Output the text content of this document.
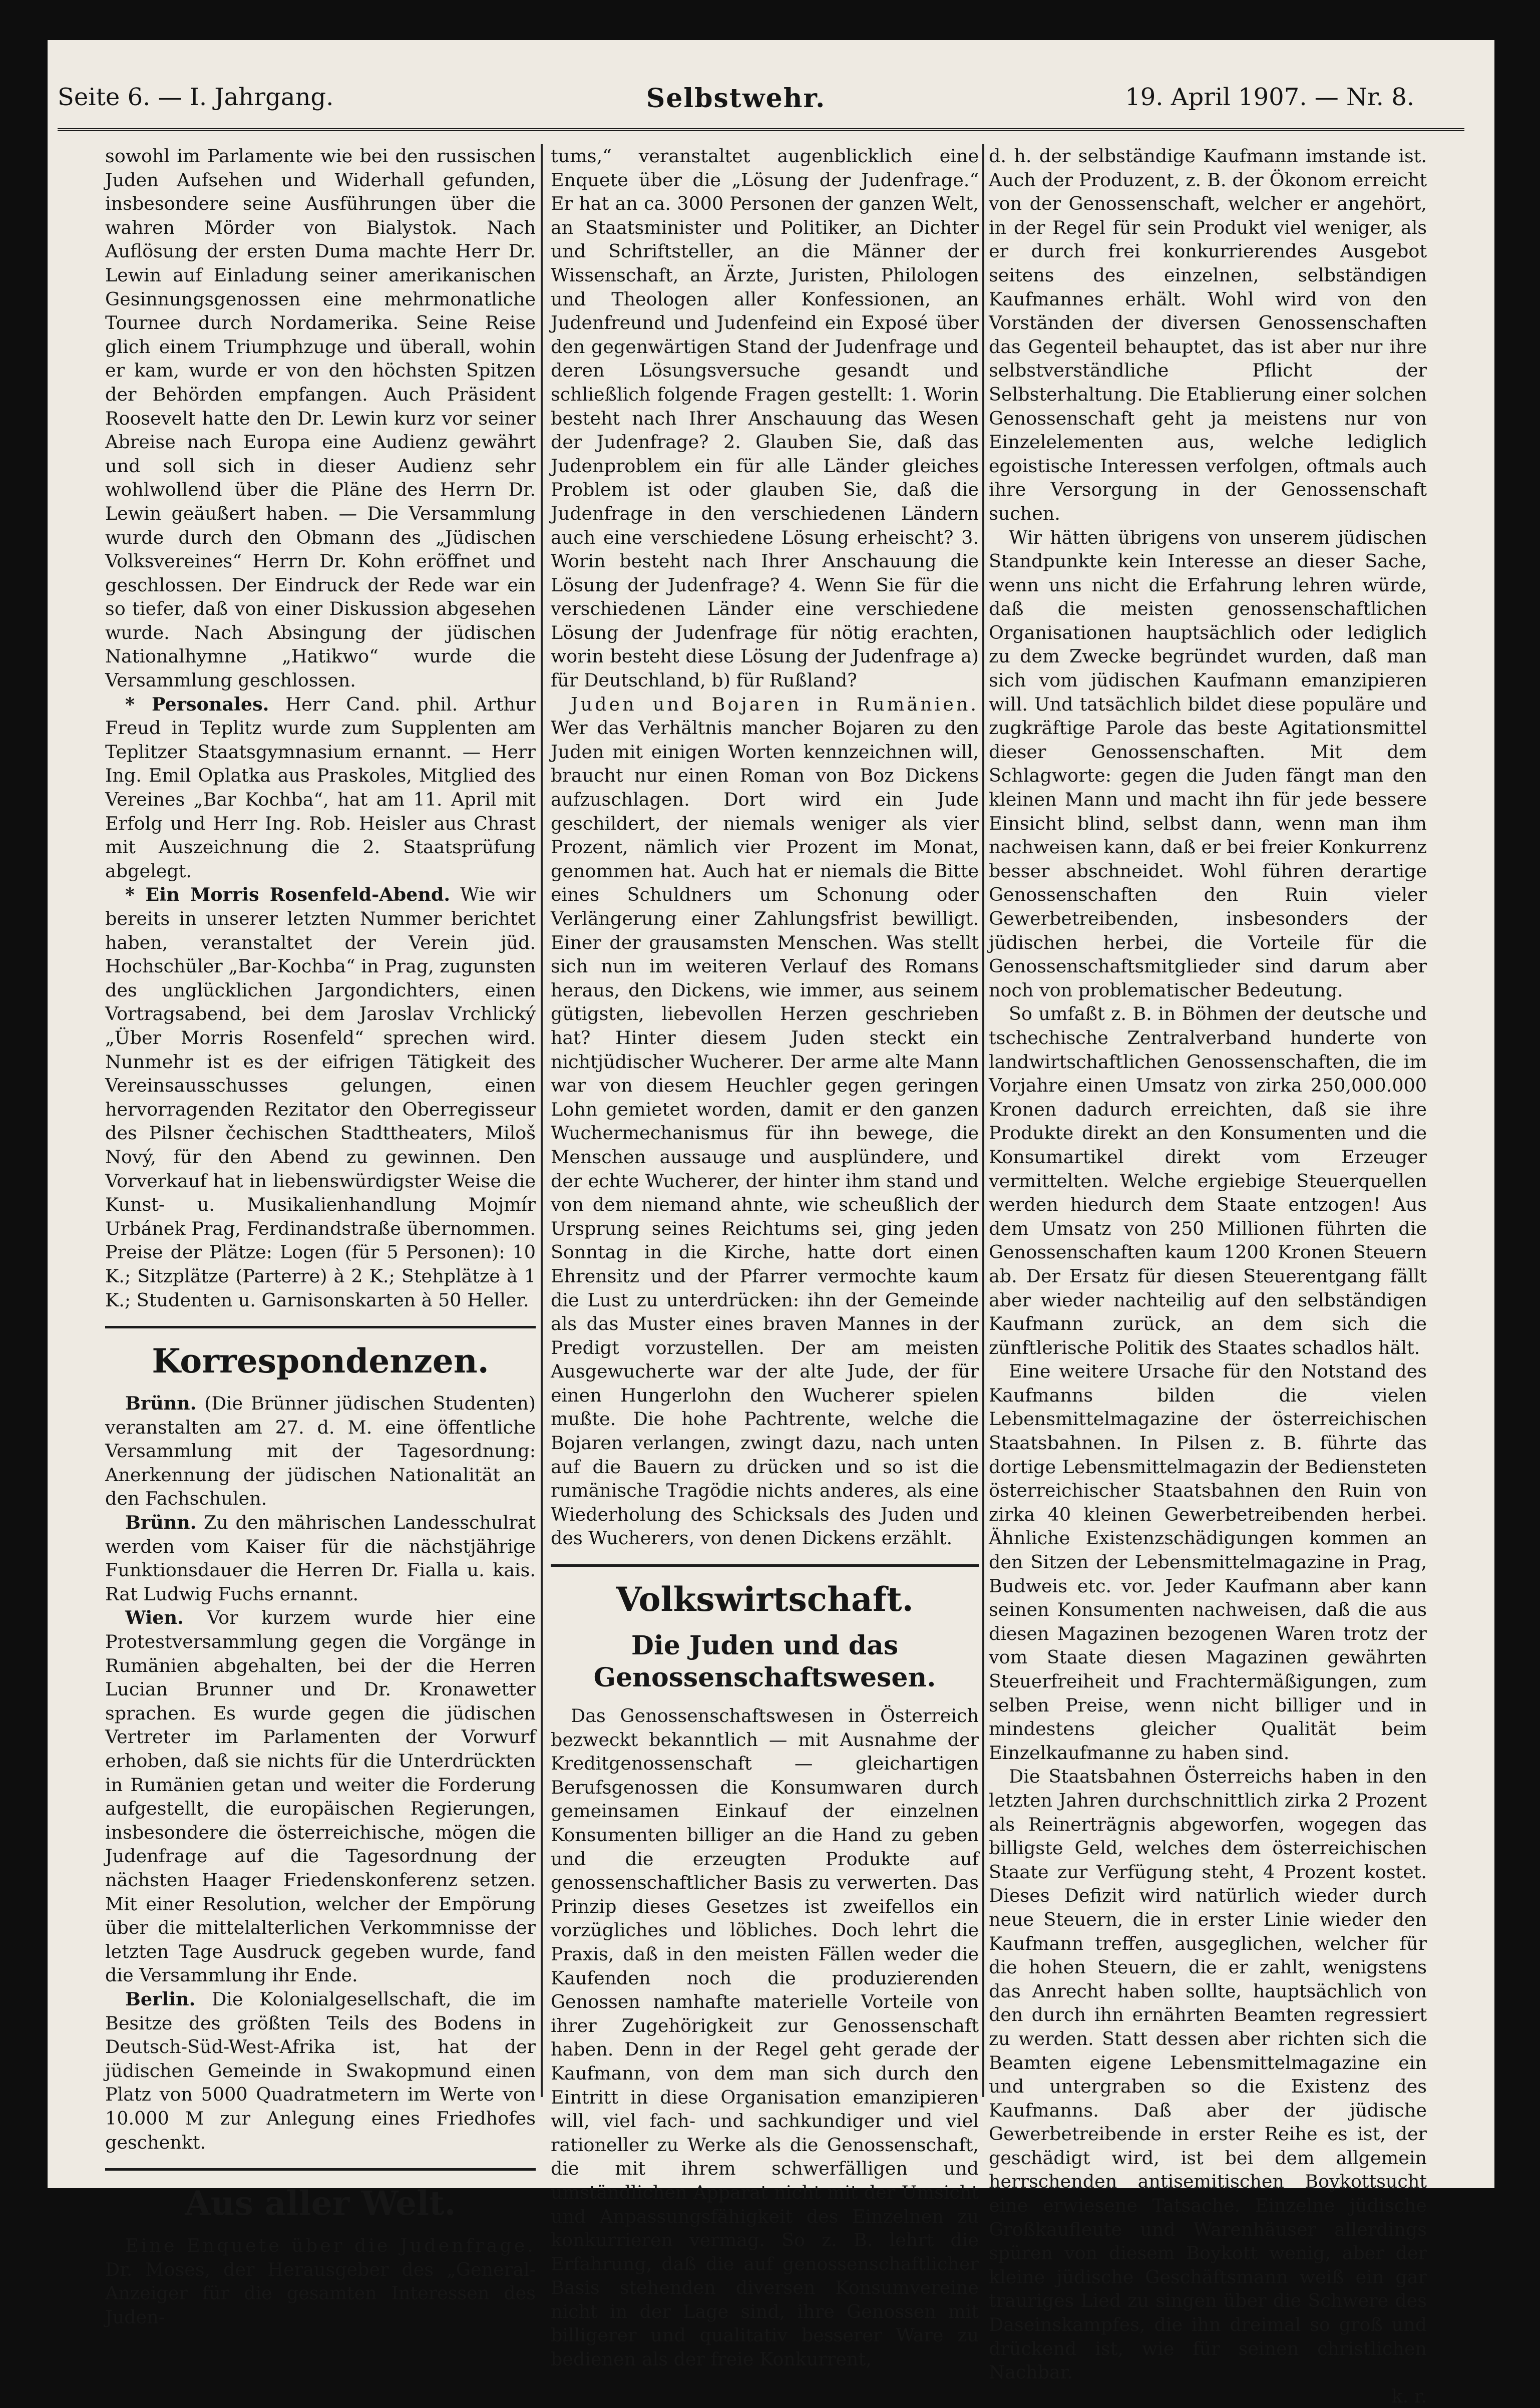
Seite 6. — I. Jahrgang.	Selbstwehr.	19. April 1907. — Nr. 8.

sowohl im Parlamente wie bei den russischen Juden Aufsehen und Widerhall gefunden, insbesondere seine Ausführungen über die wahren Mörder von Bialystok. Nach Auflösung der ersten Duma machte Herr Dr. Lewin auf Einladung seiner amerikanischen Gesinnungsgenossen eine mehrmonatliche Tournee durch Nordamerika. Seine Reise glich einem Triumphzuge und überall, wohin er kam, wurde er von den höchsten Spitzen der Behörden empfangen. Auch Präsident Roosevelt hatte den Dr. Lewin kurz vor seiner Abreise nach Europa eine Audienz gewährt und soll sich in dieser Audienz sehr wohlwollend über die Pläne des Herrn Dr. Lewin geäußert haben. — Die Versammlung wurde durch den Obmann des „Jüdischen Volksvereines“ Herrn Dr. Kohn eröffnet und geschlossen. Der Eindruck der Rede war ein so tiefer, daß von einer Diskussion abgesehen wurde. Nach Absingung der jüdischen Nationalhymne „Hatikwo“ wurde die Versammlung geschlossen.

* Personales. Herr Cand. phil. Arthur Freud in Teplitz wurde zum Supplenten am Teplitzer Staatsgymnasium ernannt. — Herr Ing. Emil Oplatka aus Praskoles, Mitglied des Vereines „Bar Kochba“, hat am 11. April mit Erfolg und Herr Ing. Rob. Heisler aus Chrast mit Auszeichnung die 2. Staatsprüfung abgelegt.

* Ein Morris Rosenfeld-Abend. Wie wir bereits in unserer letzten Nummer berichtet haben, veranstaltet der Verein jüd. Hochschüler „Bar-Kochba“ in Prag, zugunsten des unglücklichen Jargondichters, einen Vortragsabend, bei dem Jaroslav Vrchlický „Über Morris Rosenfeld“ sprechen wird. Nunmehr ist es der eifrigen Tätigkeit des Vereinsausschusses gelungen, einen hervorragenden Rezitator den Oberregisseur des Pilsner čechischen Stadttheaters, Miloš Nový, für den Abend zu gewinnen. Den Vorverkauf hat in liebenswürdigster Weise die Kunst- u. Musikalienhandlung Mojmír Urbánek Prag, Ferdinandstraße übernommen. Preise der Plätze: Logen (für 5 Personen): 10 K.; Sitzplätze (Parterre) à 2 K.; Stehplätze à 1 K.; Studenten u. Garnisonskarten à 50 Heller.

Korrespondenzen.

Brünn. (Die Brünner jüdischen Studenten) veranstalten am 27. d. M. eine öffentliche Versammlung mit der Tagesordnung: Anerkennung der jüdischen Nationalität an den Fachschulen.

Brünn. Zu den mährischen Landesschulrat werden vom Kaiser für die nächstjährige Funktionsdauer die Herren Dr. Fialla u. kais. Rat Ludwig Fuchs ernannt.

Wien. Vor kurzem wurde hier eine Protestversammlung gegen die Vorgänge in Rumänien abgehalten, bei der die Herren Lucian Brunner und Dr. Kronawetter sprachen. Es wurde gegen die jüdischen Vertreter im Parlamenten der Vorwurf erhoben, daß sie nichts für die Unterdrückten in Rumänien getan und weiter die Forderung aufgestellt, die europäischen Regierungen, insbesondere die österreichische, mögen die Judenfrage auf die Tagesordnung der nächsten Haager Friedenskonferenz setzen. Mit einer Resolution, welcher der Empörung über die mittelalterlichen Verkommnisse der letzten Tage Ausdruck gegeben wurde, fand die Versammlung ihr Ende.

Berlin. Die Kolonialgesellschaft, die im Besitze des größten Teils des Bodens in Deutsch-Süd-West-Afrika ist, hat der jüdischen Gemeinde in Swakopmund einen Platz von 5000 Quadratmetern im Werte von 10.000 M zur Anlegung eines Friedhofes geschenkt.

Aus aller Welt.

Eine Enquete über die Judenfrage. Dr. Moses, der Herausgeber des „General-Anzeiger für die gesamten Interessen des Juden-

tums,“ veranstaltet augenblicklich eine Enquete über die „Lösung der Judenfrage.“ Er hat an ca. 3000 Personen der ganzen Welt, an Staatsminister und Politiker, an Dichter und Schriftsteller, an die Männer der Wissenschaft, an Ärzte, Juristen, Philologen und Theologen aller Konfessionen, an Judenfreund und Judenfeind ein Exposé über den gegenwärtigen Stand der Judenfrage und deren Lösungsversuche gesandt und schließlich folgende Fragen gestellt: 1. Worin besteht nach Ihrer Anschauung das Wesen der Judenfrage? 2. Glauben Sie, daß das Judenproblem ein für alle Länder gleiches Problem ist oder glauben Sie, daß die Judenfrage in den verschiedenen Ländern auch eine verschiedene Lösung erheischt? 3. Worin besteht nach Ihrer Anschauung die Lösung der Judenfrage? 4. Wenn Sie für die verschiedenen Länder eine verschiedene Lösung der Judenfrage für nötig erachten, worin besteht diese Lösung der Judenfrage a) für Deutschland, b) für Rußland?

Juden und Bojaren in Rumänien. Wer das Verhältnis mancher Bojaren zu den Juden mit einigen Worten kennzeichnen will, braucht nur einen Roman von Boz Dickens aufzuschlagen. Dort wird ein Jude geschildert, der niemals weniger als vier Prozent, nämlich vier Prozent im Monat, genommen hat. Auch hat er niemals die Bitte eines Schuldners um Schonung oder Verlängerung einer Zahlungsfrist bewilligt. Einer der grausamsten Menschen. Was stellt sich nun im weiteren Verlauf des Romans heraus, den Dickens, wie immer, aus seinem gütigsten, liebevollen Herzen geschrieben hat? Hinter diesem Juden steckt ein nichtjüdischer Wucherer. Der arme alte Mann war von diesem Heuchler gegen geringen Lohn gemietet worden, damit er den ganzen Wuchermechanismus für ihn bewege, die Menschen aussauge und ausplündere, und der echte Wucherer, der hinter ihm stand und von dem niemand ahnte, wie scheußlich der Ursprung seines Reichtums sei, ging jeden Sonntag in die Kirche, hatte dort einen Ehrensitz und der Pfarrer vermochte kaum die Lust zu unterdrücken: ihn der Gemeinde als das Muster eines braven Mannes in der Predigt vorzustellen. Der am meisten Ausgewucherte war der alte Jude, der für einen Hungerlohn den Wucherer spielen mußte. Die hohe Pachtrente, welche die Bojaren verlangen, zwingt dazu, nach unten auf die Bauern zu drücken und so ist die rumänische Tragödie nichts anderes, als eine Wiederholung des Schicksals des Juden und des Wucherers, von denen Dickens erzählt.

Volkswirtschaft.
Die Juden und das Genossenschaftswesen.

Das Genossenschaftswesen in Österreich bezweckt bekanntlich — mit Ausnahme der Kreditgenossenschaft — gleichartigen Berufsgenossen die Konsumwaren durch gemeinsamen Einkauf der einzelnen Konsumenten billiger an die Hand zu geben und die erzeugten Produkte auf genossenschaftlicher Basis zu verwerten. Das Prinzip dieses Gesetzes ist zweifellos ein vorzügliches und löbliches. Doch lehrt die Praxis, daß in den meisten Fällen weder die Kaufenden noch die produzierenden Genossen namhafte materielle Vorteile von ihrer Zugehörigkeit zur Genossenschaft haben. Denn in der Regel geht gerade der Kaufmann, von dem man sich durch den Eintritt in diese Organisation emanzipieren will, viel fach- und sachkundiger und viel rationeller zu Werke als die Genossenschaft, die mit ihrem schwerfälligen und umständlichen Apparat nicht mit der Umsicht und Anpassungsfähigkeit des Einzelnen zu konkurrieren vermag. So z. B. lehrt die Erfahrung, daß die auf genossenschaftlicher Basis stehenden diversen Konsumvereine nicht in der Lage sind, ihre Genossen mit billigerer und qualitativ besserer Ware zu bedienen als der freie Konkurrent,

d. h. der selbständige Kaufmann imstande ist. Auch der Produzent, z. B. der Ökonom erreicht von der Genossenschaft, welcher er angehört, in der Regel für sein Produkt viel weniger, als er durch frei konkurrierendes Ausgebot seitens des einzelnen, selbständigen Kaufmannes erhält. Wohl wird von den Vorständen der diversen Genossenschaften das Gegenteil behauptet, das ist aber nur ihre selbstverständliche Pflicht der Selbsterhaltung. Die Etablierung einer solchen Genossenschaft geht ja meistens nur von Einzelelementen aus, welche lediglich egoistische Interessen verfolgen, oftmals auch ihre Versorgung in der Genossenschaft suchen.

Wir hätten übrigens von unserem jüdischen Standpunkte kein Interesse an dieser Sache, wenn uns nicht die Erfahrung lehren würde, daß die meisten genossenschaftlichen Organisationen hauptsächlich oder lediglich zu dem Zwecke begründet wurden, daß man sich vom jüdischen Kaufmann emanzipieren will. Und tatsächlich bildet diese populäre und zugkräftige Parole das beste Agitationsmittel dieser Genossenschaften. Mit dem Schlagworte: gegen die Juden fängt man den kleinen Mann und macht ihn für jede bessere Einsicht blind, selbst dann, wenn man ihm nachweisen kann, daß er bei freier Konkurrenz besser abschneidet. Wohl führen derartige Genossenschaften den Ruin vieler Gewerbetreibenden, insbesonders der jüdischen herbei, die Vorteile für die Genossenschaftsmitglieder sind darum aber noch von problematischer Bedeutung.

So umfaßt z. B. in Böhmen der deutsche und tschechische Zentralverband hunderte von landwirtschaftlichen Genossenschaften, die im Vorjahre einen Umsatz von zirka 250,000.000 Kronen dadurch erreichten, daß sie ihre Produkte direkt an den Konsumenten und die Konsumartikel direkt vom Erzeuger vermittelten. Welche ergiebige Steuerquellen werden hiedurch dem Staate entzogen! Aus dem Umsatz von 250 Millionen führten die Genossenschaften kaum 1200 Kronen Steuern ab. Der Ersatz für diesen Steuerentgang fällt aber wieder nachteilig auf den selbständigen Kaufmann zurück, an dem sich die zünftlerische Politik des Staates schadlos hält.

Eine weitere Ursache für den Notstand des Kaufmanns bilden die vielen Lebensmittelmagazine der österreichischen Staatsbahnen. In Pilsen z. B. führte das dortige Lebensmittelmagazin der Bediensteten österreichischer Staatsbahnen den Ruin von zirka 40 kleinen Gewerbetreibenden herbei. Ähnliche Existenzschädigungen kommen an den Sitzen der Lebensmittelmagazine in Prag, Budweis etc. vor. Jeder Kaufmann aber kann seinen Konsumenten nachweisen, daß die aus diesen Magazinen bezogenen Waren trotz der vom Staate diesen Magazinen gewährten Steuerfreiheit und Frachtermäßigungen, zum selben Preise, wenn nicht billiger und in mindestens gleicher Qualität beim Einzelkaufmanne zu haben sind.

Die Staatsbahnen Österreichs haben in den letzten Jahren durchschnittlich zirka 2 Prozent als Reinerträgnis abgeworfen, wogegen das billigste Geld, welches dem österreichischen Staate zur Verfügung steht, 4 Prozent kostet. Dieses Defizit wird natürlich wieder durch neue Steuern, die in erster Linie wieder den Kaufmann treffen, ausgeglichen, welcher für die hohen Steuern, die er zahlt, wenigstens das Anrecht haben sollte, hauptsächlich von den durch ihn ernährten Beamten regressiert zu werden. Statt dessen aber richten sich die Beamten eigene Lebensmittelmagazine ein und untergraben so die Existenz des Kaufmanns. Daß aber der jüdische Gewerbetreibende in erster Reihe es ist, der geschädigt wird, ist bei dem allgemein herrschenden antisemitischen Boykottsucht eine erwiesene Tatsache. Einzelne jüdische Großkaufleute und Warenhäuser allerdings spüren von diesem Boykott wenig, aber der kleine jüdische Geschäftsmann weiß ein gar trauriges Lied zu singen über die Schwere des Daseinskampfes, die ihn dreimal so groß und drückend ist, wie für seinen christlichen Nachbar.

k. r.
